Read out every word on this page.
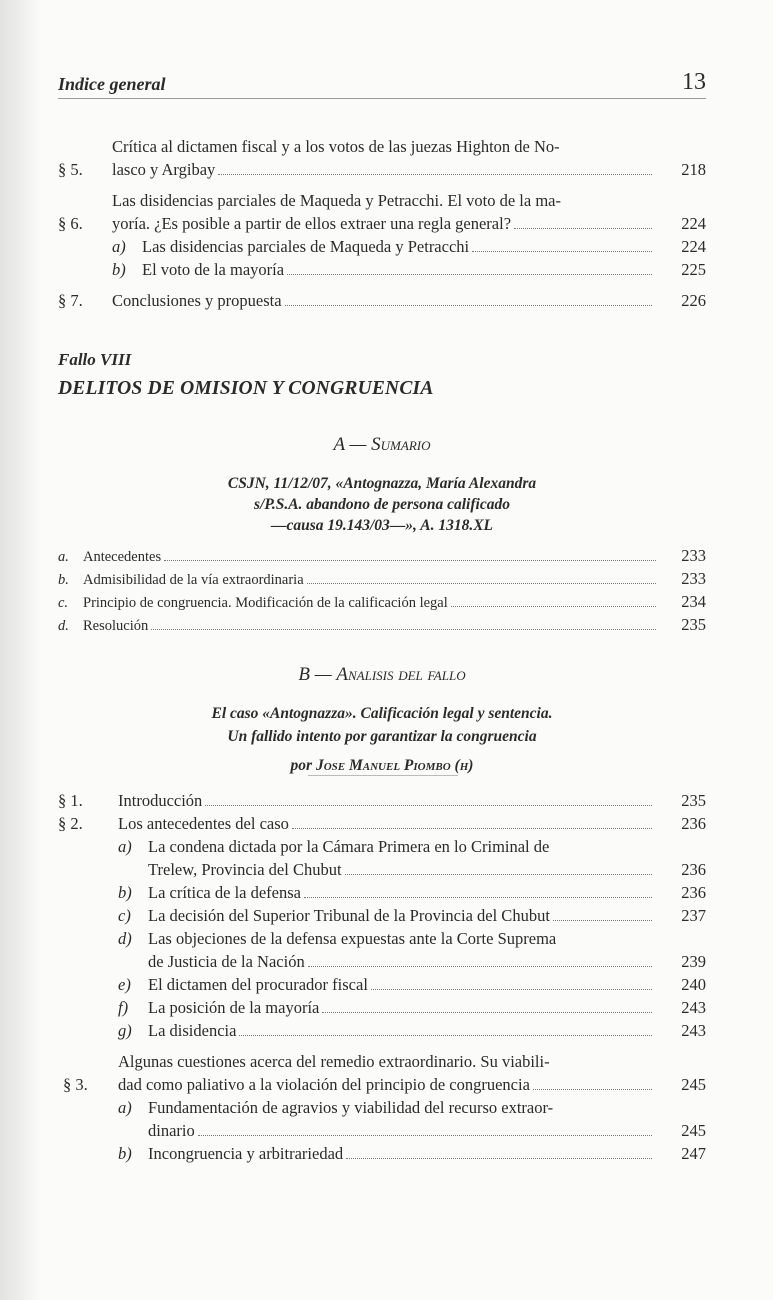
Indice general	13
§ 5.
Crítica al dictamen fiscal y a los votos de las juezas Highton de No-
lasco y Argibay	218
§ 6.
Las disidencias parciales de Maqueda y Petracchi. El voto de la ma-
yoría. ¿Es posible a partir de ellos extraer una regla general?	224
a) Las disidencias parciales de Maqueda y Petracchi	224
b) El voto de la mayoría	225
§ 7.	Conclusiones y propuesta	226
Fallo VIII
DELITOS DE OMISION Y CONGRUENCIA
A — Sumario
CSJN, 11/12/07, «Antognazza, María Alexandra
s/P.S.A. abandono de persona calificado
—causa 19.143/03—», A. 1318.XL
a. Antecedentes	233
b. Admisibilidad de la vía extraordinaria	233
c. Principio de congruencia. Modificación de la calificación legal	234
d. Resolución	235
B — Analisis del fallo
El caso «Antognazza». Calificación legal y sentencia.
Un fallido intento por garantizar la congruencia
por Jose Manuel Piombo (h)
§ 1.	Introducción	235
§ 2.	Los antecedentes del caso	236
a) La condena dictada por la Cámara Primera en lo Criminal de
Trelew, Provincia del Chubut	236
b) La crítica de la defensa	236
c) La decisión del Superior Tribunal de la Provincia del Chubut	237
d) Las objeciones de la defensa expuestas ante la Corte Suprema
de Justicia de la Nación	239
e) El dictamen del procurador fiscal	240
f) La posición de la mayoría	243
g) La disidencia	243
§ 3.
Algunas cuestiones acerca del remedio extraordinario. Su viabili-
dad como paliativo a la violación del principio de congruencia	245
a) Fundamentación de agravios y viabilidad del recurso extraor-
dinario	245
b) Incongruencia y arbitrariedad	247
